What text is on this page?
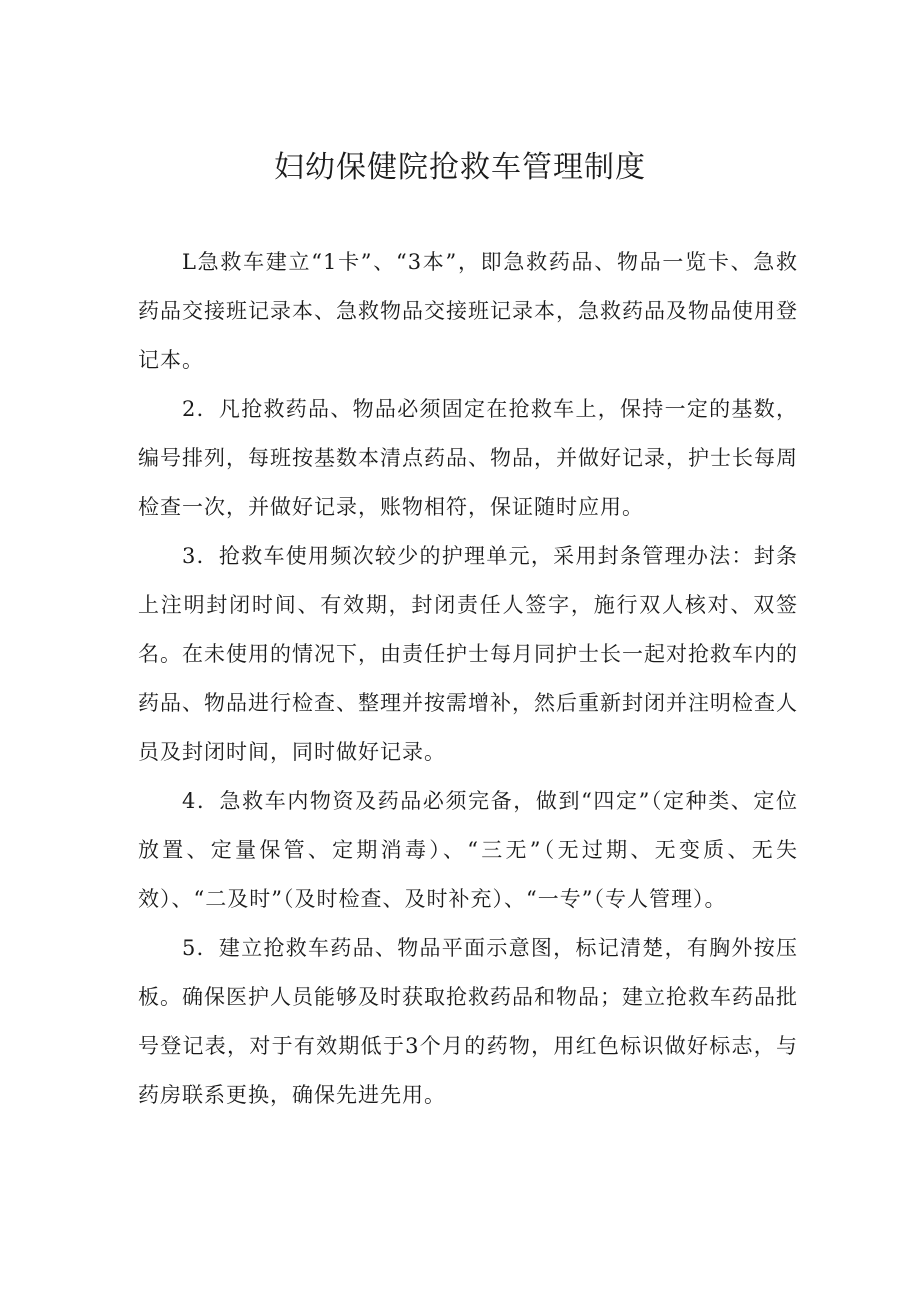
妇幼保健院抢救车管理制度

L急救车建立“1卡”、“3本”，即急救药品、物品一览卡、急救药品交接班记录本、急救物品交接班记录本，急救药品及物品使用登记本。

2．凡抢救药品、物品必须固定在抢救车上，保持一定的基数，编号排列，每班按基数本清点药品、物品，并做好记录，护士长每周检查一次，并做好记录，账物相符，保证随时应用。

3．抢救车使用频次较少的护理单元，采用封条管理办法：封条上注明封闭时间、有效期，封闭责任人签字，施行双人核对、双签名。在未使用的情况下，由责任护士每月同护士长一起对抢救车内的药品、物品进行检查、整理并按需增补，然后重新封闭并注明检查人员及封闭时间，同时做好记录。

4．急救车内物资及药品必须完备，做到“四定”（定种类、定位放置、定量保管、定期消毒）、“三无”（无过期、无变质、无失效）、“二及时”（及时检查、及时补充）、“一专”（专人管理）。

5．建立抢救车药品、物品平面示意图，标记清楚，有胸外按压板。确保医护人员能够及时获取抢救药品和物品；建立抢救车药品批号登记表，对于有效期低于3个月的药物，用红色标识做好标志，与药房联系更换，确保先进先用。
